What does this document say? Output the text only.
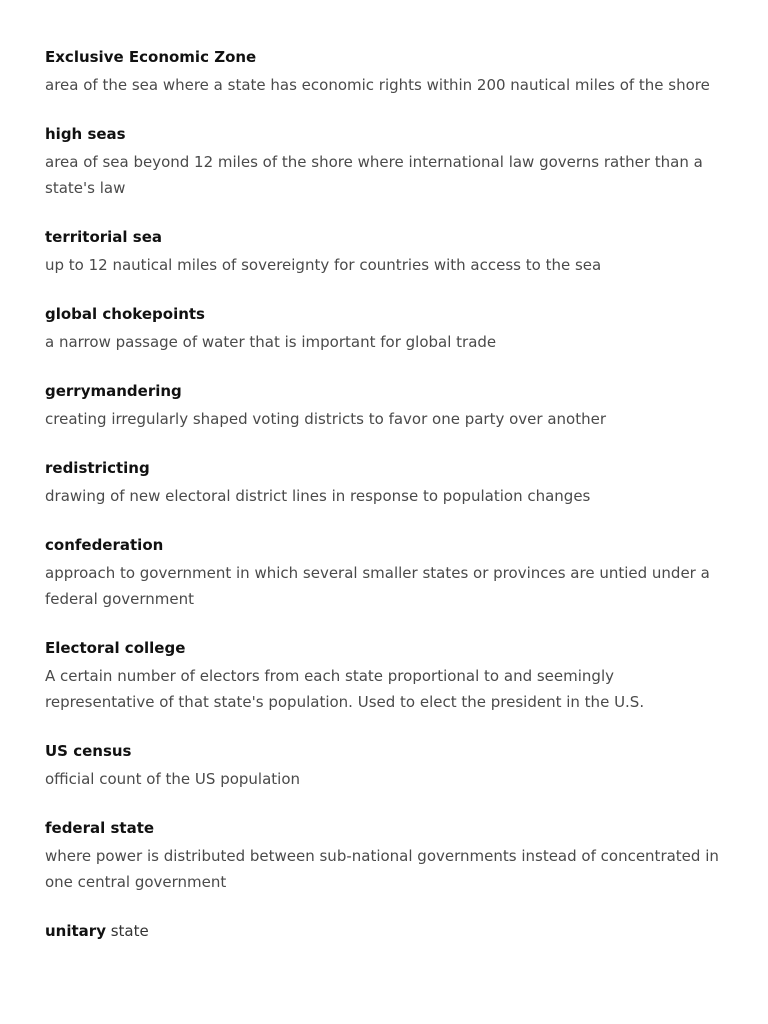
Exclusive Economic Zone
area of the sea where a state has economic rights within 200 nautical miles of the shore
high seas
area of sea beyond 12 miles of the shore where international law governs rather than a state's law
territorial sea
up to 12 nautical miles of sovereignty for countries with access to the sea
global chokepoints
a narrow passage of water that is important for global trade
gerrymandering
creating irregularly shaped voting districts to favor one party over another
redistricting
drawing of new electoral district lines in response to population changes
confederation
approach to government in which several smaller states or provinces are untied under a federal government
Electoral college
A certain number of electors from each state proportional to and seemingly representative of that state's population. Used to elect the president in the U.S.
US census
official count of the US population
federal state
where power is distributed between sub-national governments instead of concentrated in one central government
unitary state
